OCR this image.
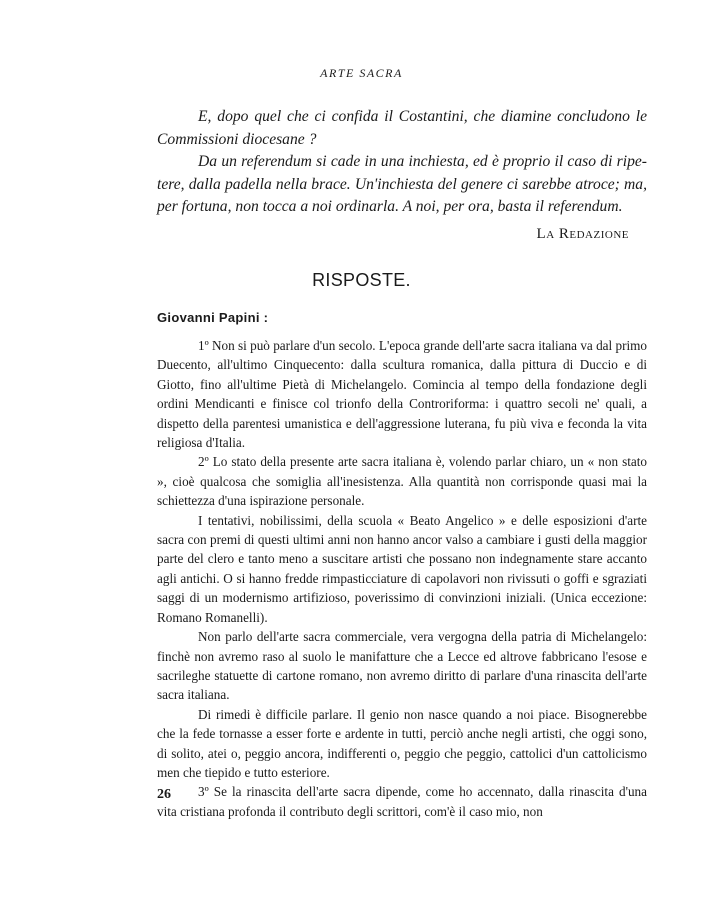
ARTE SACRA

E, dopo quel che ci confida il Costantini, che diamine concludono le Commissioni diocesane ?

Da un referendum si cade in una inchiesta, ed è proprio il caso di ripetere, dalla padella nella brace. Un'inchiesta del genere ci sarebbe atroce; ma, per fortuna, non tocca a noi ordinarla. A noi, per ora, basta il referendum.

La Redazione
RISPOSTE.
Giovanni Papini :

1º Non si può parlare d'un secolo. L'epoca grande dell'arte sacra italiana va dal primo Duecento, all'ultimo Cinquecento: dalla scultura romanica, dalla pittura di Duccio e di Giotto, fino all'ultime Pietà di Michelangelo. Comincia al tempo della fondazione degli ordini Mendicanti e finisce col trionfo della Controriforma: i quattro secoli ne' quali, a dispetto della parentesi umanistica e dell'aggressione luterana, fu più viva e feconda la vita religiosa d'Italia.

2º Lo stato della presente arte sacra italiana è, volendo parlar chiaro, un « non stato », cioè qualcosa che somiglia all'inesistenza. Alla quantità non corrisponde quasi mai la schiettezza d'una ispirazione personale.

I tentativi, nobilissimi, della scuola « Beato Angelico » e delle esposizioni d'arte sacra con premi di questi ultimi anni non hanno ancor valso a cambiare i gusti della maggior parte del clero e tanto meno a suscitare artisti che possano non indegnamente stare accanto agli antichi. O si hanno fredde rimpasticciature di capolavori non rivissuti o goffi e sgraziati saggi di un modernismo artifizioso, poverissimo di convinzioni iniziali. (Unica eccezione: Romano Romanelli).

Non parlo dell'arte sacra commerciale, vera vergogna della patria di Michelangelo: finchè non avremo raso al suolo le manifatture che a Lecce ed altrove fabbricano l'esose e sacrileghe statuette di cartone romano, non avremo diritto di parlare d'una rinascita dell'arte sacra italiana.

Di rimedi è difficile parlare. Il genio non nasce quando a noi piace. Bisognerebbe che la fede tornasse a esser forte e ardente in tutti, perciò anche negli artisti, che oggi sono, di solito, atei o, peggio ancora, indifferenti o, peggio che peggio, cattolici d'un cattolicismo men che tiepido e tutto esteriore.

3º Se la rinascita dell'arte sacra dipende, come ho accennato, dalla rinascita d'una vita cristiana profonda il contributo degli scrittori, com'è il caso mio, non

26
